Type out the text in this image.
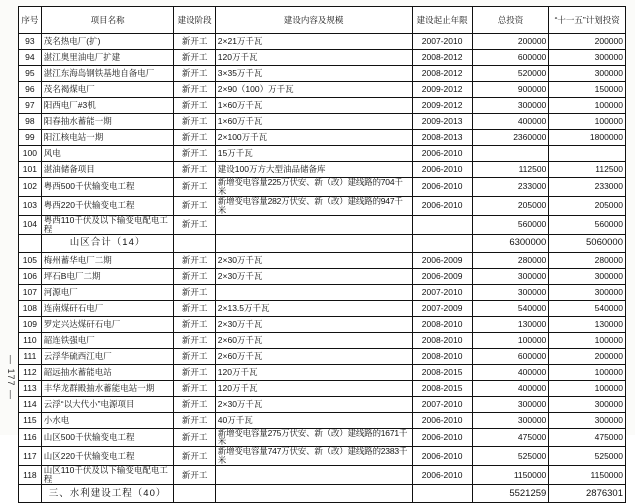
— 177 —
序号	项目名称	建设阶段	建设内容及规模	建设起止年限	总投资	“十一五”计划投资
93	茂名热电厂(扩)	新开工	2×21万千瓦	2007-2010	200000	200000
94	湛江奥里油电厂扩建	新开工	120万千瓦	2008-2012	600000	300000
95	湛江东海岛钢铁基地自备电厂	新开工	3×35万千瓦	2008-2012	520000	300000
96	茂名褐煤电厂	新开工	2×90（100）万千瓦	2009-2012	900000	150000
97	阳西电厂#3机	新开工	1×60万千瓦	2009-2012	300000	100000
98	阳春抽水蓄能一期	新开工	1×60万千瓦	2009-2013	400000	100000
99	阳江核电站一期	新开工	2×100万千瓦	2008-2013	2360000	1800000
100	风电	新开工	15万千瓦	2006-2010		
101	湛油储备项目	新开工	建设100万方大型油品储备库	2006-2010	112500	112500
102	粤西500千伏输变电工程	新开工	新增变电容量225万伏安、新（改）建线路的704千米	2006-2010	233000	233000
103	粤西220千伏输变电工程	新开工	新增变电容量282万伏安、新（改）建线路的947千米	2006-2010	205000	205000
104	粤西110千伏及以下输变电配电工程	新开工			560000	560000
	山区合计（14）				6300000	5060000
105	梅州蓄华电厂二期	新开工	2×30万千瓦	2006-2009	280000	280000
106	坪石B电厂二期	新开工	2×30万千瓦	2006-2009	300000	300000
107	河源电厂	新开工		2007-2010	300000	300000
108	连南煤矸石电厂	新开工	2×13.5万千瓦	2007-2009	540000	540000
109	罗定兴达煤矸石电厂	新开工	2×30万千瓦	2008-2010	130000	130000
110	韶连铁强电厂	新开工	2×60万千瓦	2008-2010	100000	100000
111	云浮华硫西江电厂	新开工	2×60万千瓦	2008-2010	600000	200000
112	韶远抽水蓄能电站	新开工	120万千瓦	2008-2015	400000	100000
113	丰华龙群殿抽水蓄能电站一期	新开工	120万千瓦	2008-2015	400000	100000
114	云浮“以大代小”电源项目	新开工	2×30万千瓦	2007-2010	300000	300000
115	小水电	新开工	40万千瓦	2006-2010	300000	300000
116	山区500千伏输变电工程	新开工	新增变电容量275万伏安、新（改）建线路的1671千米	2006-2010	475000	475000
117	山区220千伏输变电工程	新开工	新增变电容量747万伏安、新（改）建线路的2383千米	2006-2010	525000	525000
118	山区110千伏及以下输变电配电工程	新开工		2006-2010	1150000	1150000
	三、水利建设工程（40）				5521259	2876301
